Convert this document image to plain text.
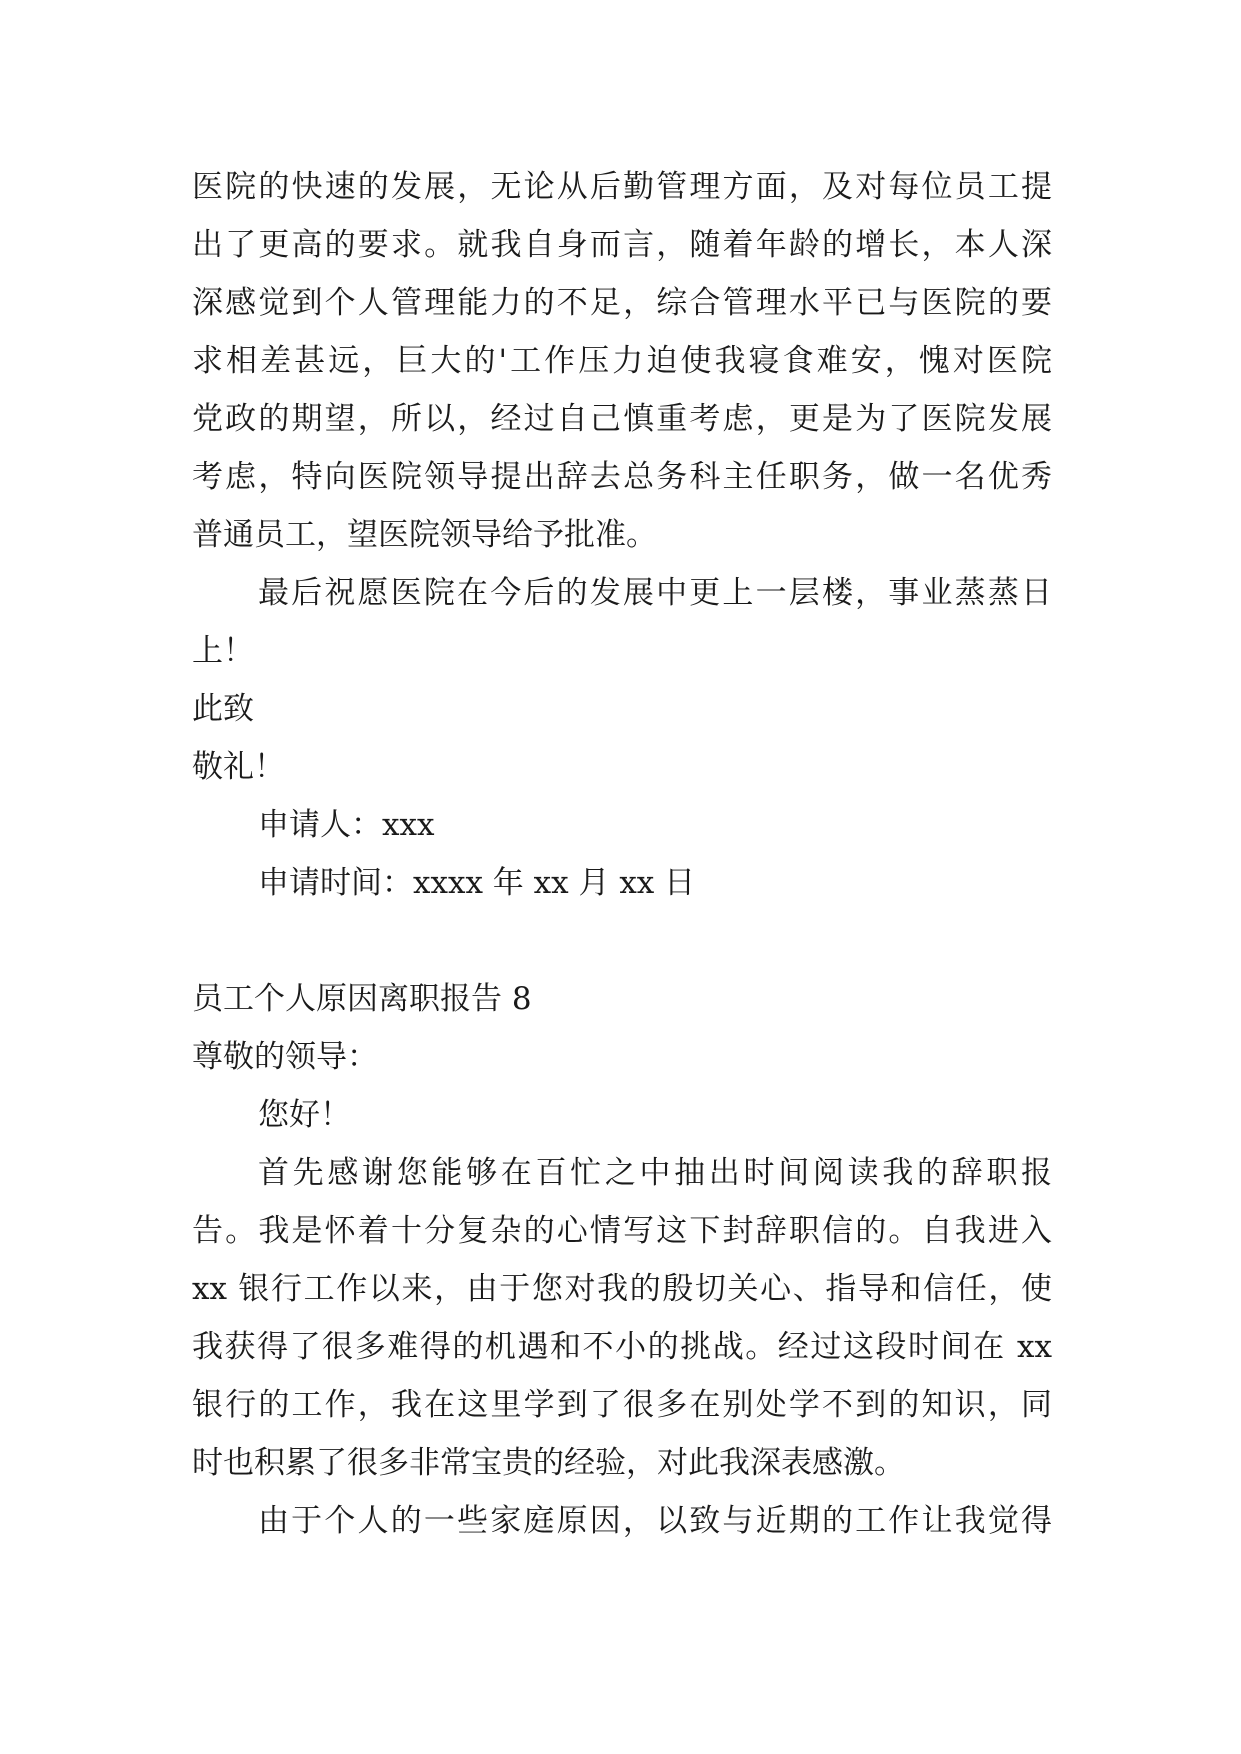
医院的快速的发展，无论从后勤管理方面，及对每位员工提

出了更高的要求。就我自身而言，随着年龄的增长，本人深

深感觉到个人管理能力的不足，综合管理水平已与医院的要

求相差甚远，巨大的'工作压力迫使我寝食难安，愧对医院

党政的期望，所以，经过自己慎重考虑，更是为了医院发展

考虑，特向医院领导提出辞去总务科主任职务，做一名优秀

普通员工，望医院领导给予批准。

最后祝愿医院在今后的发展中更上一层楼，事业蒸蒸日

上！

此致

敬礼！

申请人：xxx

申请时间：xxxx 年 xx 月 xx 日

员工个人原因离职报告 8

尊敬的领导：

您好！

首先感谢您能够在百忙之中抽出时间阅读我的辞职报

告。我是怀着十分复杂的心情写这下封辞职信的。自我进入

xx 银行工作以来，由于您对我的殷切关心、指导和信任，使

我获得了很多难得的机遇和不小的挑战。经过这段时间在 xx

银行的工作，我在这里学到了很多在别处学不到的知识，同

时也积累了很多非常宝贵的经验，对此我深表感激。

由于个人的一些家庭原因，以致与近期的工作让我觉得
